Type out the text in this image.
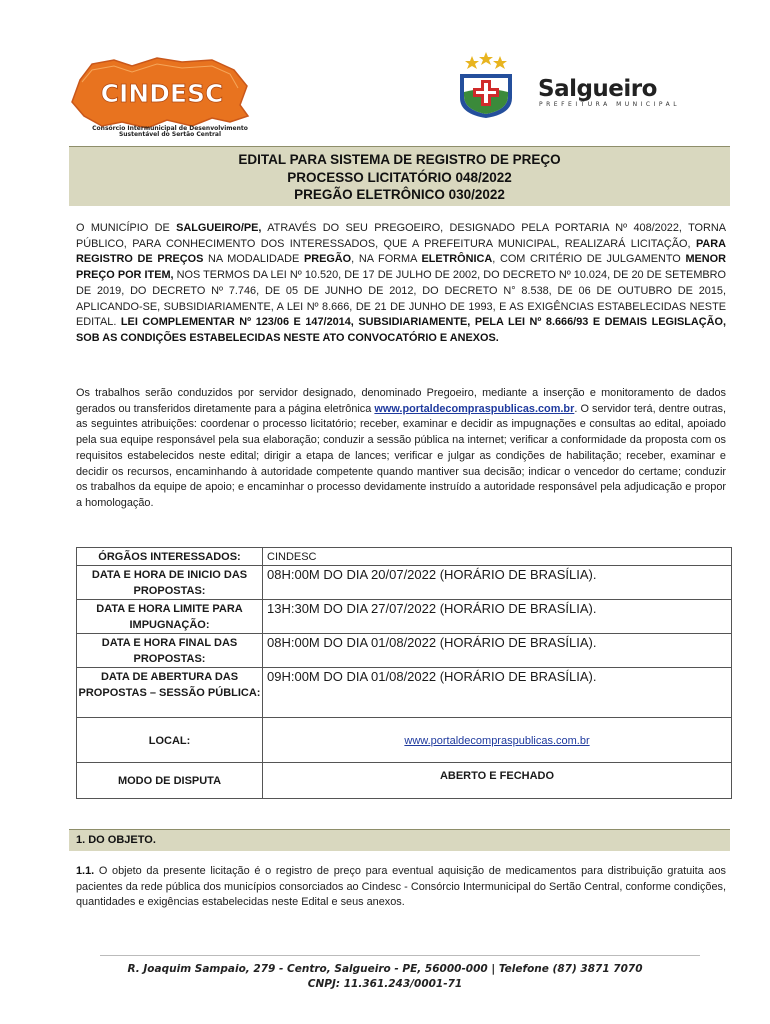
CINDESC
Consórcio Intermunicipal de Desenvolvimento
Sustentável do Sertão Central
Salgueiro
PREFEITURA MUNICIPAL
EDITAL PARA SISTEMA DE REGISTRO DE PREÇO
PROCESSO LICITATÓRIO 048/2022
PREGÃO ELETRÔNICO 030/2022
O MUNICÍPIO DE SALGUEIRO/PE, ATRAVÉS DO SEU PREGOEIRO, DESIGNADO PELA PORTARIA Nº 408/2022, TORNA PÚBLICO, PARA CONHECIMENTO DOS INTERESSADOS, QUE A PREFEITURA MUNICIPAL, REALIZARÁ LICITAÇÃO, PARA REGISTRO DE PREÇOS NA MODALIDADE PREGÃO, NA FORMA ELETRÔNICA, COM CRITÉRIO DE JULGAMENTO MENOR PREÇO POR ITEM, NOS TERMOS DA LEI Nº 10.520, DE 17 DE JULHO DE 2002, DO DECRETO Nº 10.024, DE 20 DE SETEMBRO DE 2019, DO DECRETO Nº 7.746, DE 05 DE JUNHO DE 2012, DO DECRETO N° 8.538, DE 06 DE OUTUBRO DE 2015, APLICANDO-SE, SUBSIDIARIAMENTE, A LEI Nº 8.666, DE 21 DE JUNHO DE 1993, E AS EXIGÊNCIAS ESTABELECIDAS NESTE EDITAL. LEI COMPLEMENTAR Nº 123/06 E 147/2014, SUBSIDIARIAMENTE, PELA LEI Nº 8.666/93 E DEMAIS LEGISLAÇÃO, SOB AS CONDIÇÕES ESTABELECIDAS NESTE ATO CONVOCATÓRIO E ANEXOS.
Os trabalhos serão conduzidos por servidor designado, denominado Pregoeiro, mediante a inserção e monitoramento de dados gerados ou transferidos diretamente para a página eletrônica www.portaldecompraspublicas.com.br. O servidor terá, dentre outras, as seguintes atribuições: coordenar o processo licitatório; receber, examinar e decidir as impugnações e consultas ao edital, apoiado pela sua equipe responsável pela sua elaboração; conduzir a sessão pública na internet; verificar a conformidade da proposta com os requisitos estabelecidos neste edital; dirigir a etapa de lances; verificar e julgar as condições de habilitação; receber, examinar e decidir os recursos, encaminhando à autoridade competente quando mantiver sua decisão; indicar o vencedor do certame; conduzir os trabalhos da equipe de apoio; e encaminhar o processo devidamente instruído a autoridade responsável pela adjudicação e propor a homologação.
ÓRGÃOS INTERESSADOS:	CINDESC
DATA E HORA DE INICIO DAS PROPOSTAS:	08H:00M DO DIA 20/07/2022 (HORÁRIO DE BRASÍLIA).
DATA E HORA LIMITE PARA IMPUGNAÇÃO:	13H:30M DO DIA 27/07/2022 (HORÁRIO DE BRASÍLIA).
DATA E HORA FINAL DAS PROPOSTAS:	08H:00M DO DIA 01/08/2022 (HORÁRIO DE BRASÍLIA).
DATA DE ABERTURA DAS PROPOSTAS – SESSÃO PÚBLICA:	09H:00M DO DIA 01/08/2022 (HORÁRIO DE BRASÍLIA).
LOCAL:	www.portaldecompraspublicas.com.br
MODO DE DISPUTA	ABERTO E FECHADO
1. DO OBJETO.
1.1. O objeto da presente licitação é o registro de preço para eventual aquisição de medicamentos para distribuição gratuita aos pacientes da rede pública dos municípios consorciados ao Cindesc - Consórcio Intermunicipal do Sertão Central, conforme condições, quantidades e exigências estabelecidas neste Edital e seus anexos.
R. Joaquim Sampaio, 279 - Centro, Salgueiro - PE, 56000-000 | Telefone (87) 3871 7070
CNPJ: 11.361.243/0001-71
